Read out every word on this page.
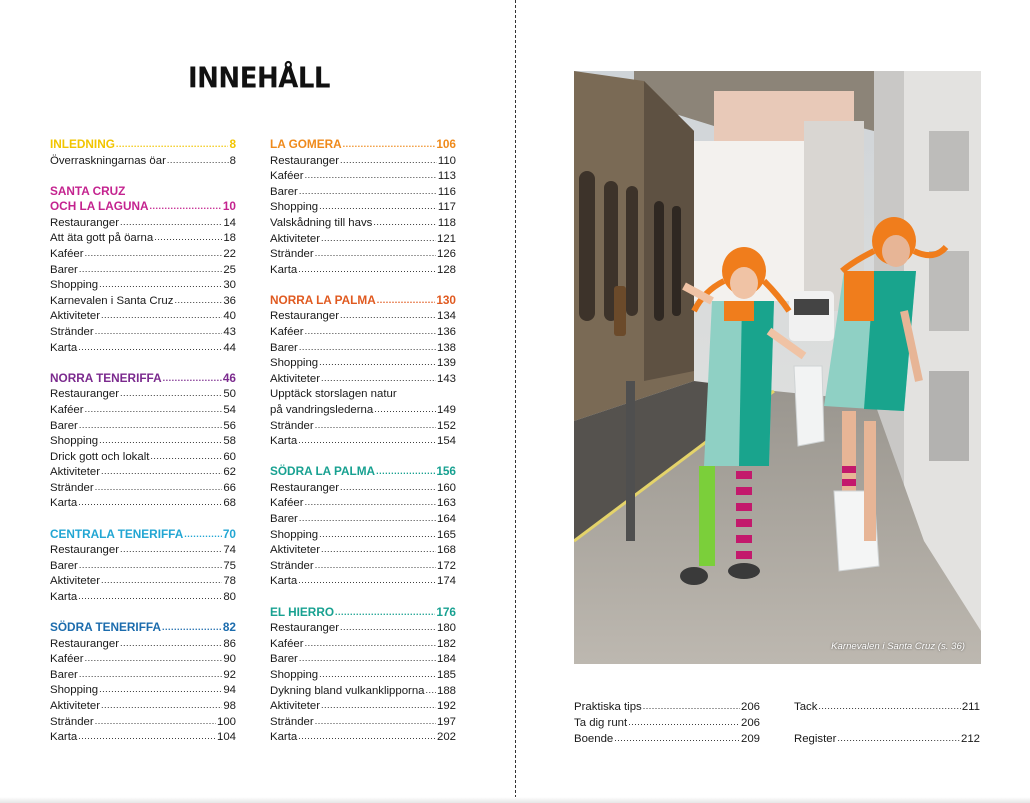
INNEHÅLL
INLEDNING .....	8
Överraskningarnas öar .....	8
SANTA CRUZ
OCH LA LAGUNA .....	10
Restauranger .....	14
Att äta gott på öarna .....	18
Kaféer .....	22
Barer .....	25
Shopping .....	30
Karnevalen i Santa Cruz .....	36
Aktiviteter .....	40
Stränder .....	43
Karta .....	44
NORRA TENERIFFA .....	46
Restauranger .....	50
Kaféer .....	54
Barer .....	56
Shopping .....	58
Drick gott och lokalt .....	60
Aktiviteter .....	62
Stränder .....	66
Karta .....	68
CENTRALA TENERIFFA .....	70
Restauranger .....	74
Barer .....	75
Aktiviteter .....	78
Karta .....	80
SÖDRA TENERIFFA .....	82
Restauranger .....	86
Kaféer .....	90
Barer .....	92
Shopping .....	94
Aktiviteter .....	98
Stränder .....	100
Karta .....	104
LA GOMERA .....	106
Restauranger .....	110
Kaféer .....	113
Barer .....	116
Shopping .....	117
Valskådning till havs .....	118
Aktiviteter .....	121
Stränder .....	126
Karta .....	128
NORRA LA PALMA .....	130
Restauranger .....	134
Kaféer .....	136
Barer .....	138
Shopping .....	139
Aktiviteter .....	143
Upptäck storslagen natur
på vandringslederna .....	149
Stränder .....	152
Karta .....	154
SÖDRA LA PALMA .....	156
Restauranger .....	160
Kaféer .....	163
Barer .....	164
Shopping .....	165
Aktiviteter .....	168
Stränder .....	172
Karta .....	174
EL HIERRO .....	176
Restauranger .....	180
Kaféer .....	182
Barer .....	184
Shopping .....	185
Dykning bland vulkanklipporna ..... 188
Aktiviteter .....	192
Stränder .....	197
Karta .....	202
Karnevalen i Santa Cruz (s. 36)
Praktiska tips .....	206
Ta dig runt .....	206
Boende .....	209
Tack .....	211
Register .....	212
